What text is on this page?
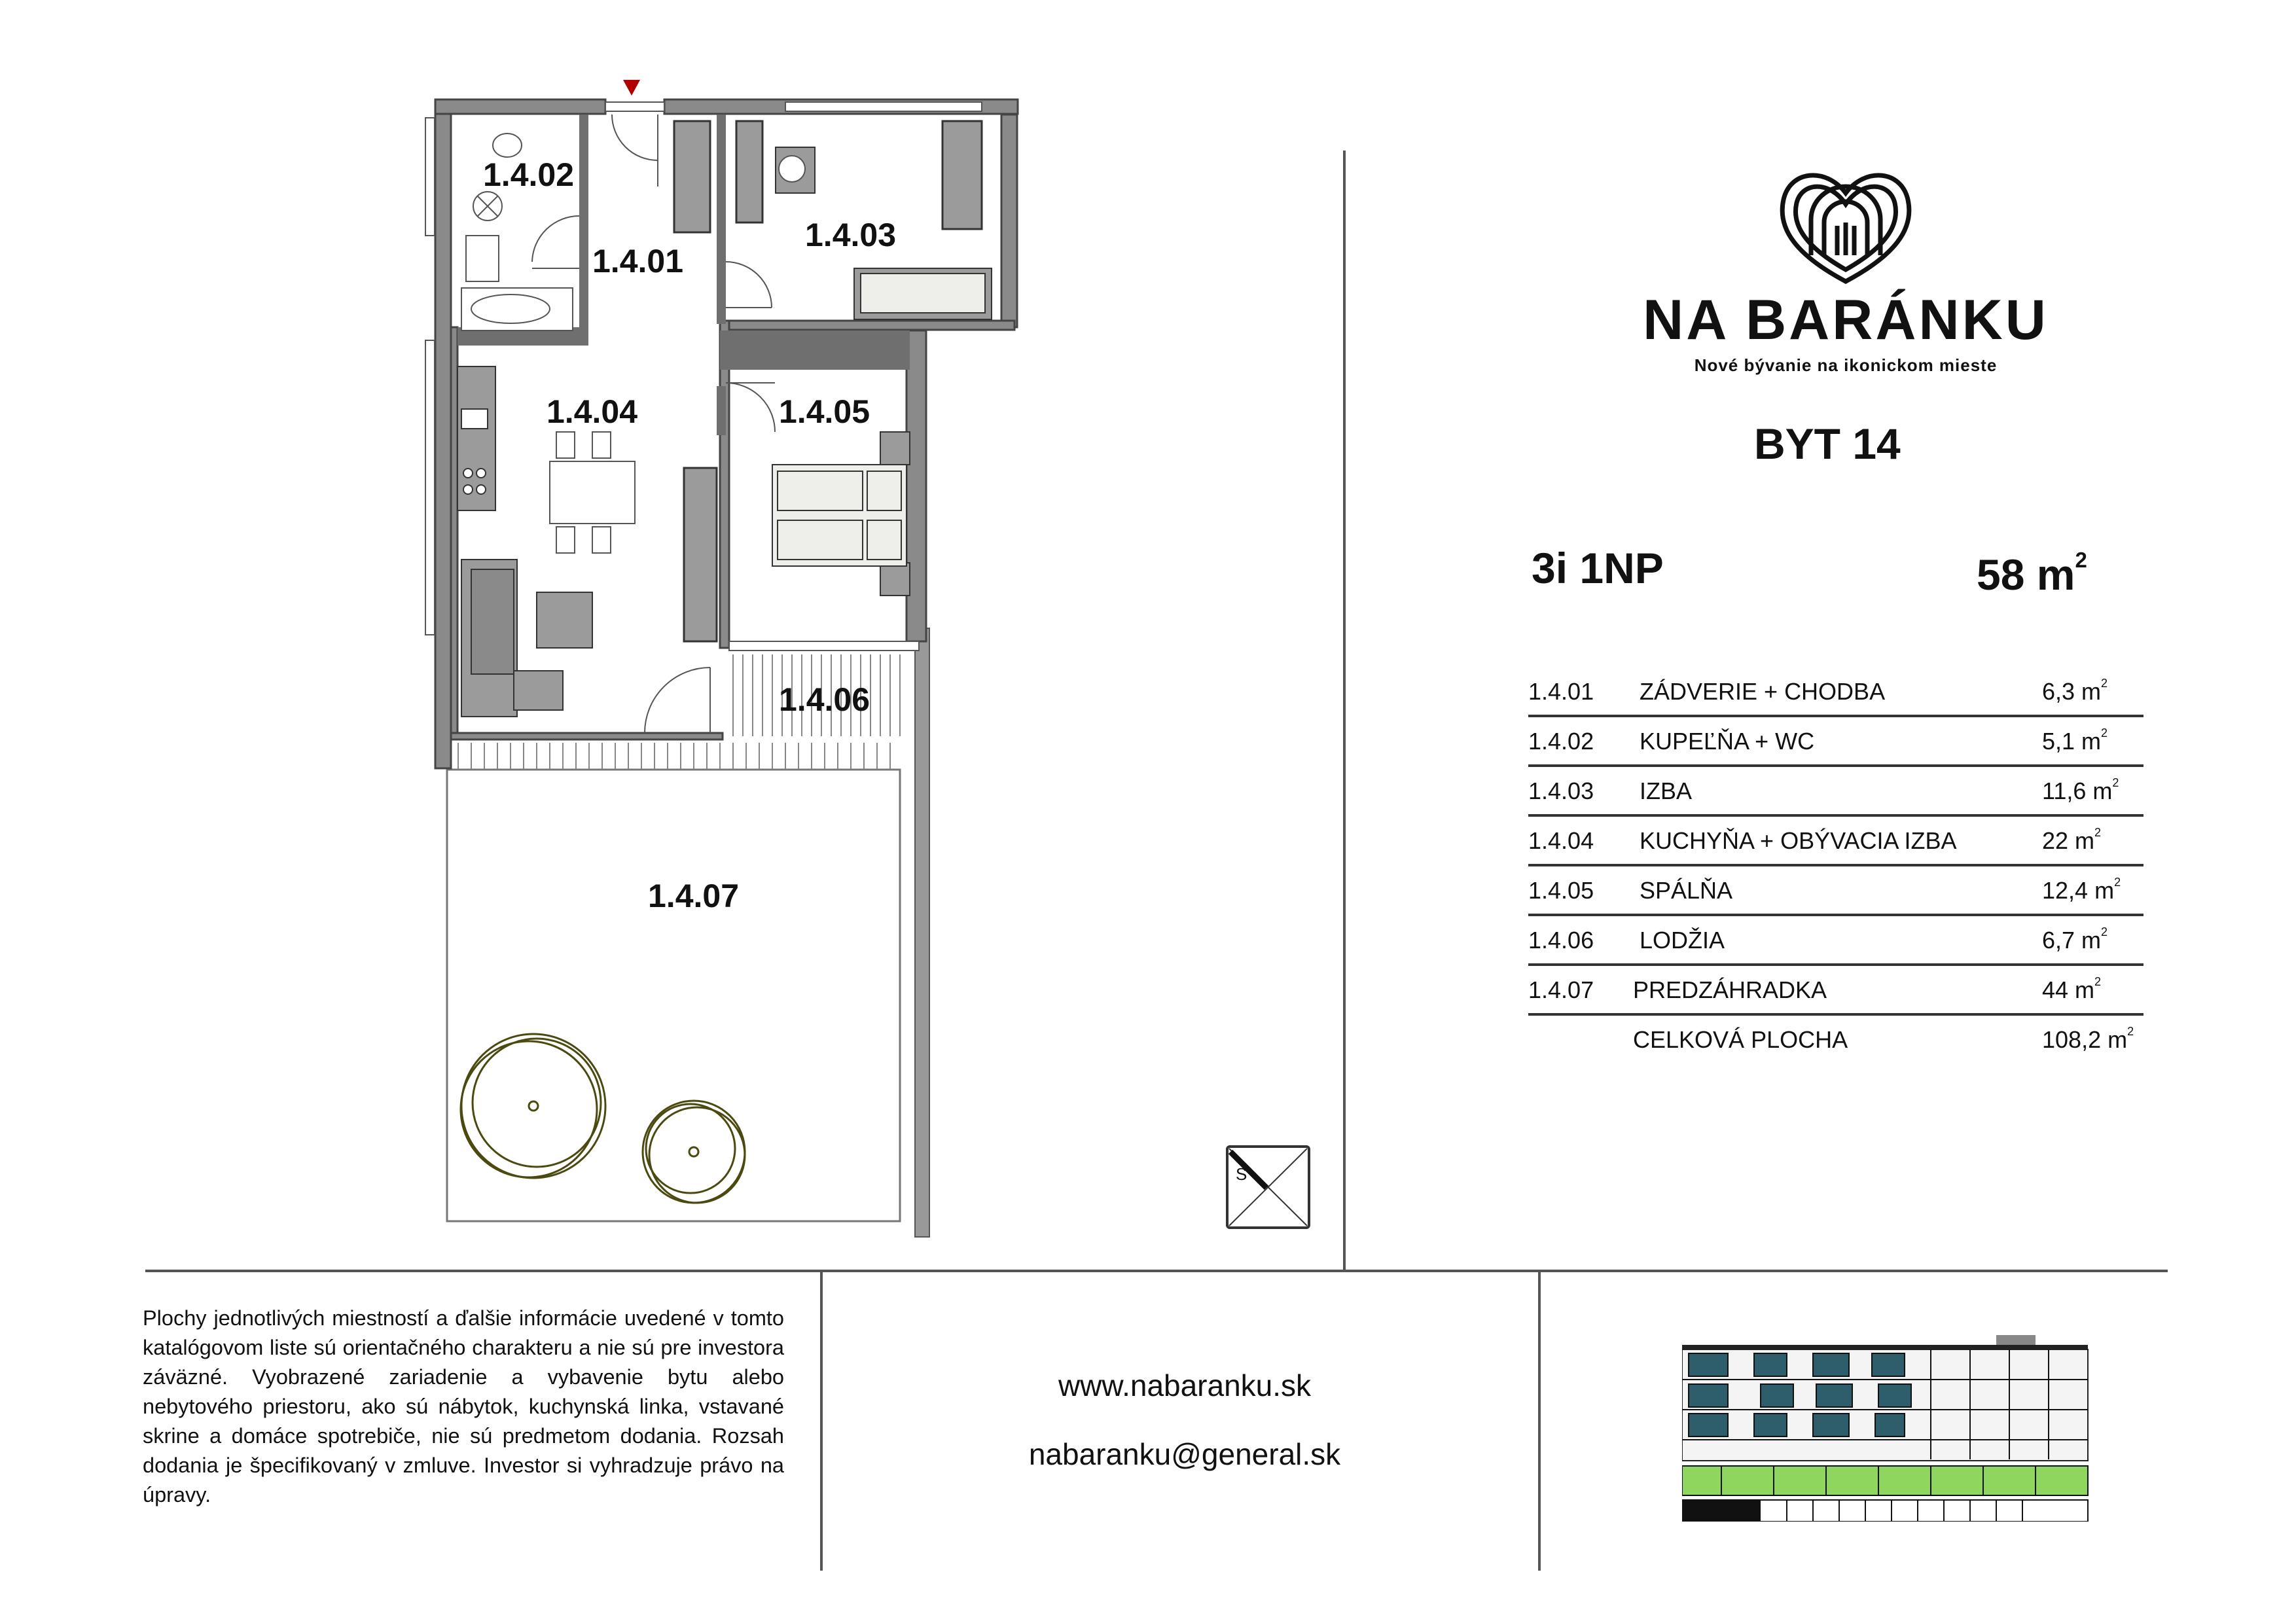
S
1.4.02
1.4.01
1.4.03
1.4.04	1.4.05
1.4.06
1.4.07
NA BARÁNKU
Nové bývanie na ikonickom mieste
BYT 14
3i 1NP	58 $m^2$
1.4.01 ZÁDVERIE + CHODBA	6,3 $m^2$
1.4.02 KUPEĽŇA + WC	5,1 $m^2$
1.4.03 IZBA	11,6 $m^2$
1.4.04 KUCHYŇA + OBÝVACIA IZBA	22 $m^2$
1.4.05 SPÁLŇA	12,4 $m^2$
1.4.06 LODŽIA	6,7 $m^2$
1.4.07 PREDZÁHRADKA	44 $m^2$
CELKOVÁ PLOCHA	108,2 $m^2$
Plochy jednotlivých miestností a ďalšie informácie uvedené v tomto katalógovom liste sú orientačného charakteru a nie sú pre investora záväzné. Vyobrazené zariadenie a vybavenie bytu alebo nebytového priestoru, ako sú nábytok, kuchynská linka, vstavané skrine a domáce spotrebiče, nie sú predmetom dodania. Rozsah dodania je špecifikovaný v zmluve. Investor si vyhradzuje právo na úpravy.
www.nabaranku.sk
nabaranku@general.sk
